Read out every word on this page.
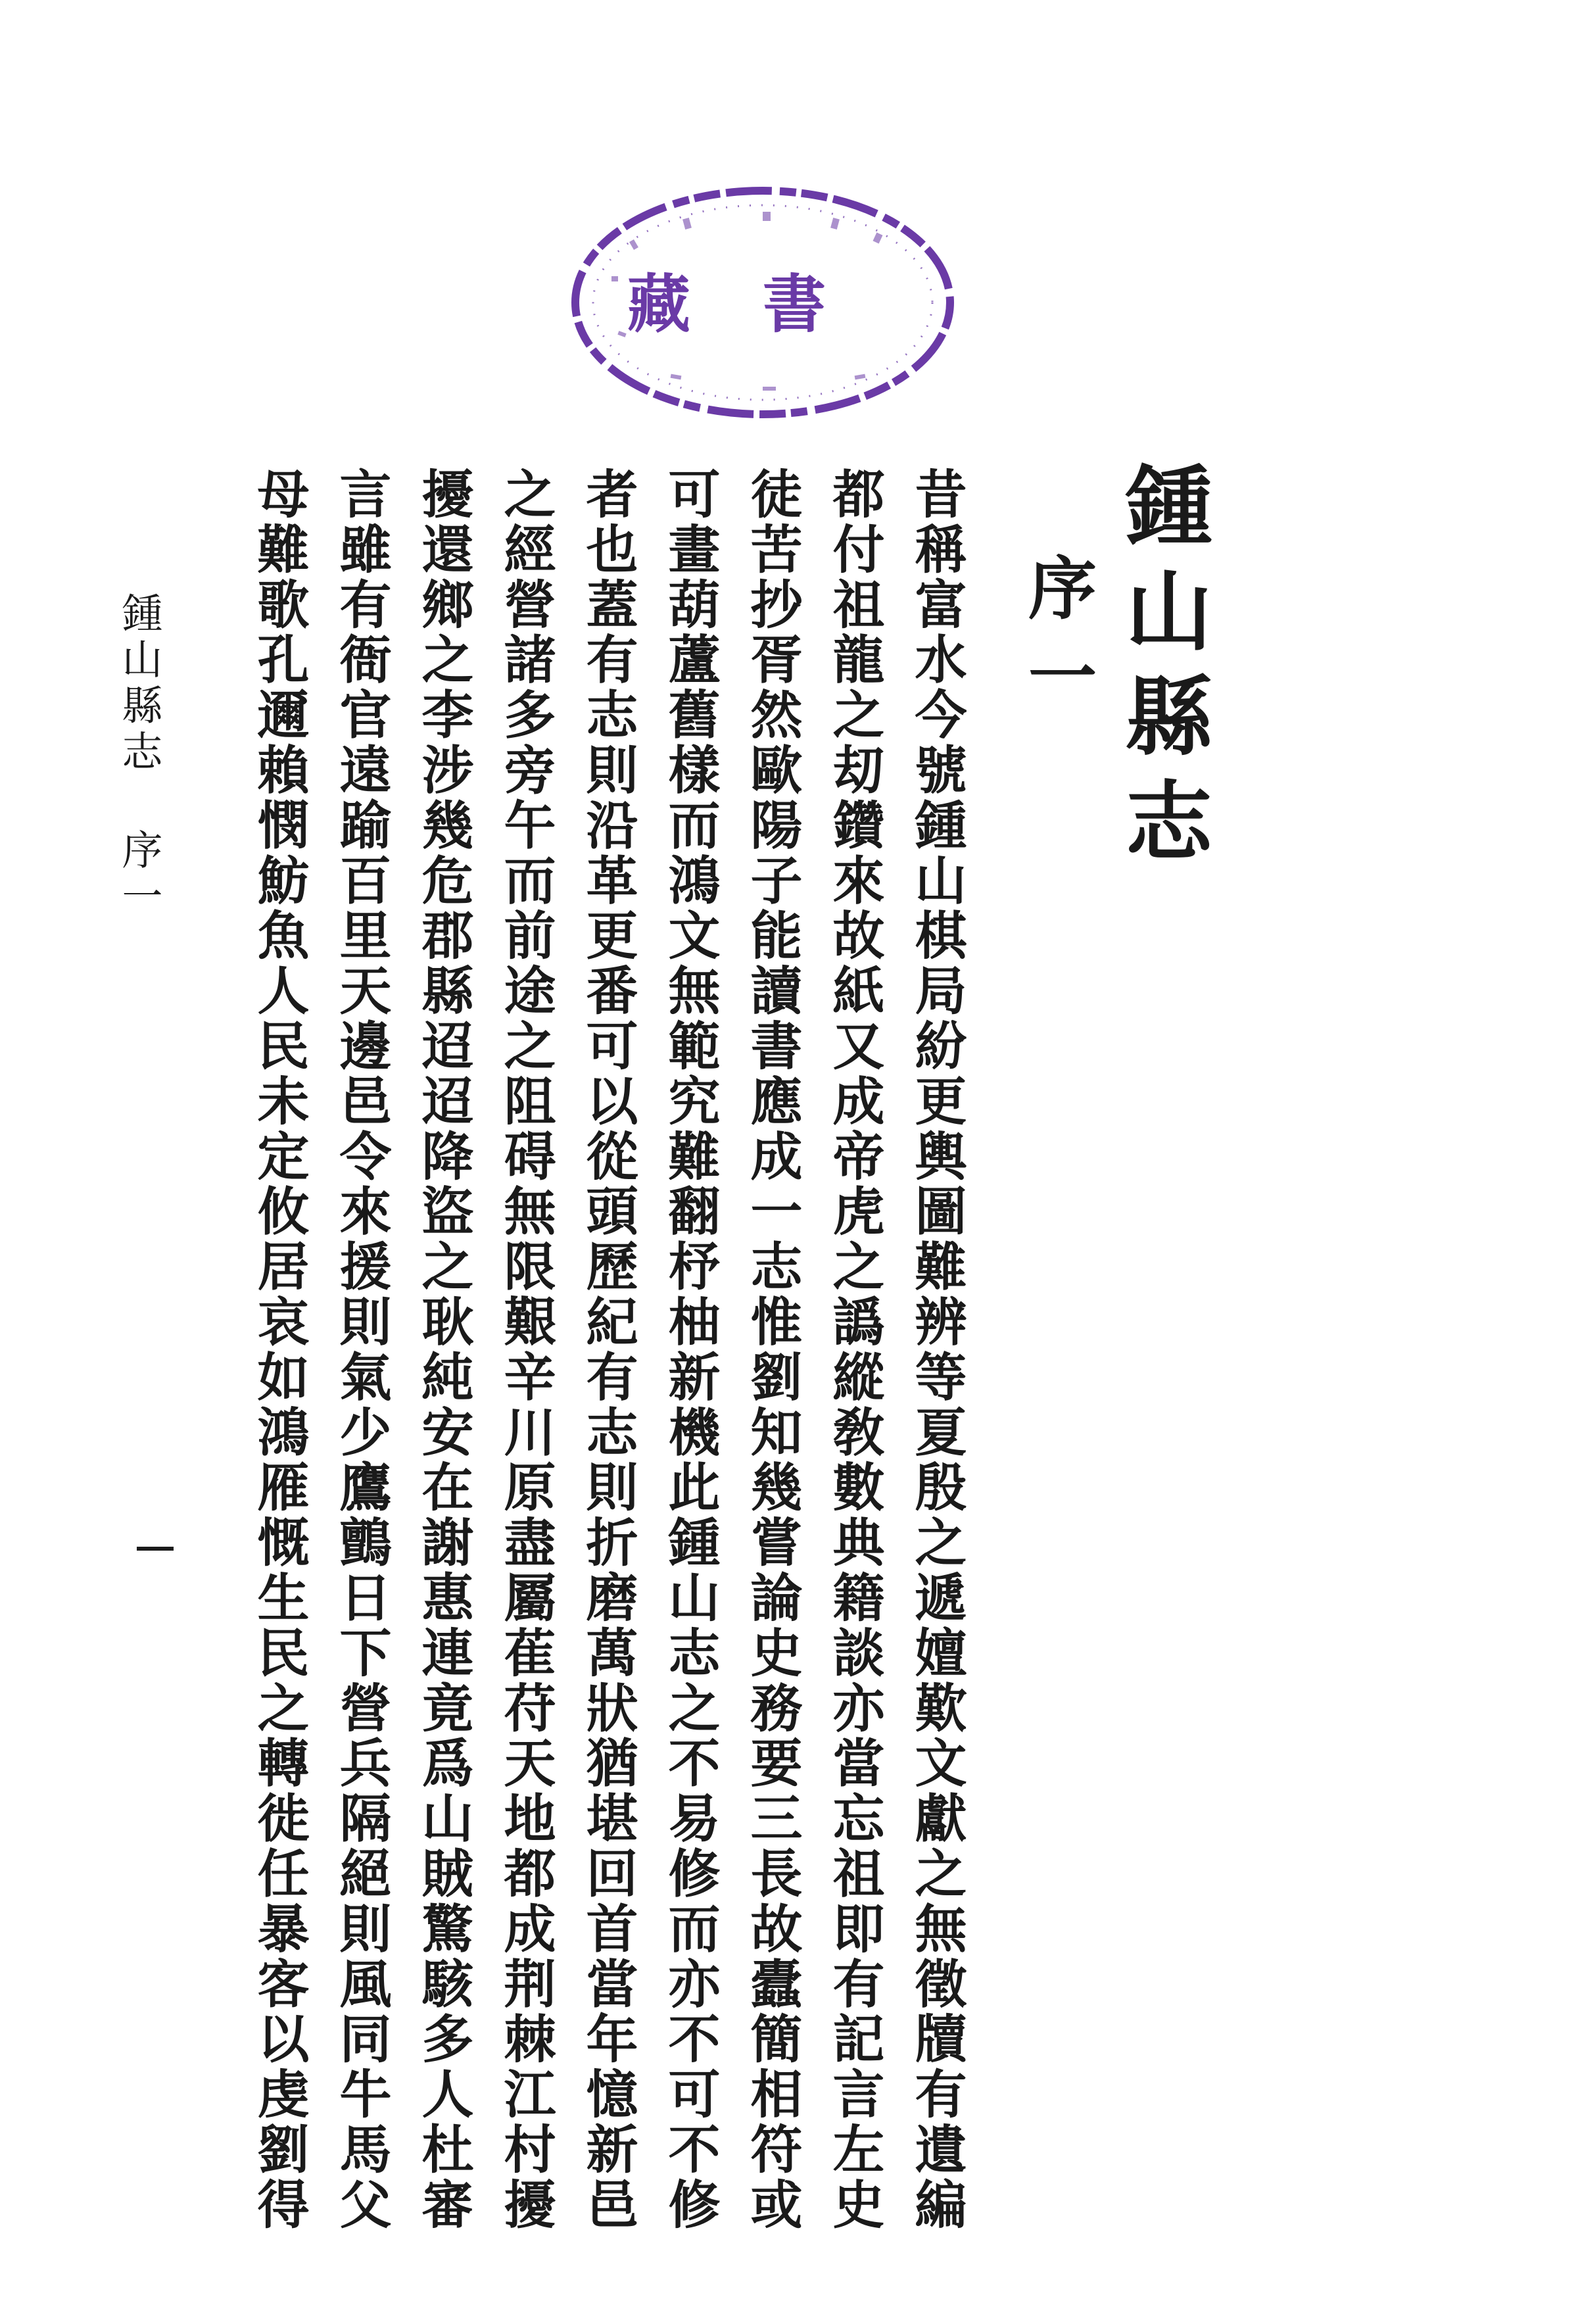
藏書
鍾山縣志
序一
昔稱富水今號鍾山棋局紛更輿圖難辨等夏殷之遞嬗歎文獻之無徵牘有遺編
都付祖龍之刧鑽來故紙又成帝虎之譌縱敎數典籍談亦當忘祖即有記言左史
徒苦抄胥然歐陽子能讀書應成一志惟劉知幾嘗論史務要三長故蠹簡相符或
可畫葫蘆舊樣而鴻文無範究難翻杼柚新機此鍾山志之不易修而亦不可不修
者也蓋有志則沿革更番可以從頭歷紀有志則折磨萬狀猶堪回首當年憶新邑
之經營諸多旁午而前途之阻碍無限艱辛川原盡屬萑苻天地都成荆棘江村擾
擾還鄉之李涉幾危郡縣迢迢降盜之耿純安在謝惠連竟爲山賊驚駭多人杜審
言雖有衙官遠踰百里天邊邑令來援則氣少鷹鸇日下營兵隔絕則風同牛馬父
母難歌孔邇賴憫魴魚人民未定攸居哀如鴻雁慨生民之轉徙任暴客以虔劉得
鍾山縣志序一
